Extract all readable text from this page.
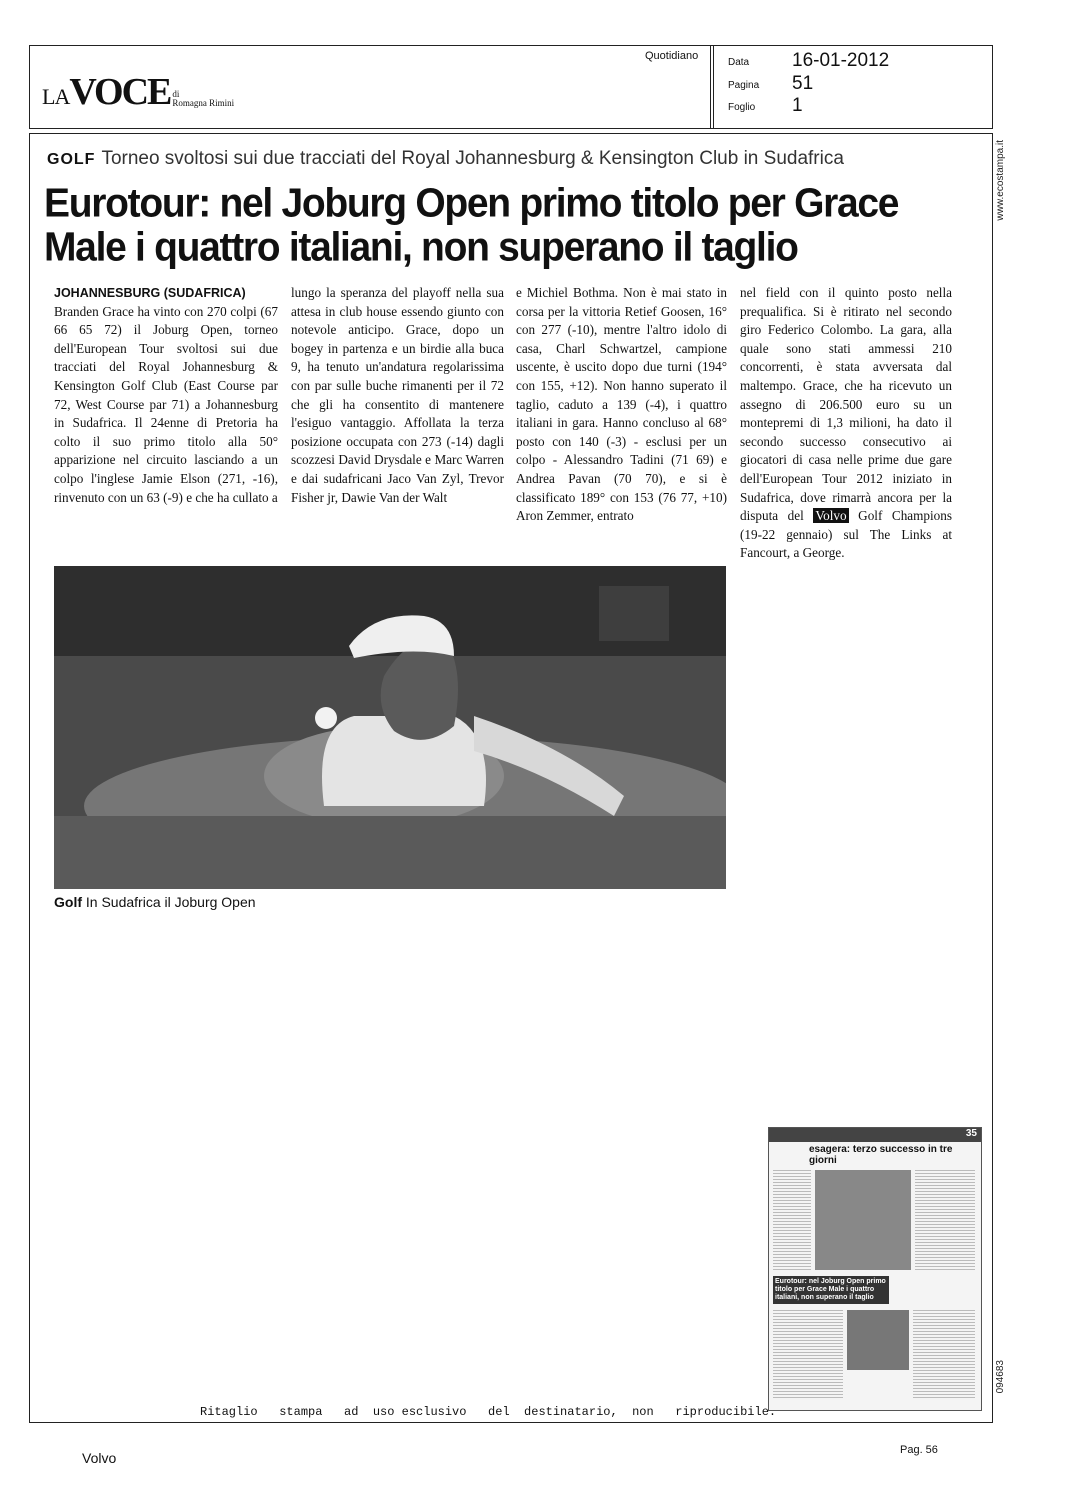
LAVOCE di
Romagna Rimini
Quotidiano
Data 16-01-2012
Pagina 51
Foglio 1
www.ecostampa.it
094683
GOLF Torneo svoltosi sui due tracciati del Royal Johannesburg & Kensington Club in Sudafrica
Eurotour: nel Joburg Open primo titolo per Grace
Male i quattro italiani, non superano il taglio
JOHANNESBURG (SUDAFRICA)
Branden Grace ha vinto con 270 colpi (67 66 65 72) il Joburg Open, torneo dell'European Tour svoltosi sui due tracciati del Royal Johannesburg & Kensington Golf Club (East Course par 72, West Course par 71) a Johannesburg in Sudafrica. Il 24enne di Pretoria ha colto il suo primo titolo alla 50° apparizione nel circuito lasciando a un colpo l'inglese Jamie Elson (271, -16), rinvenuto con un 63 (-9) e che ha cullato a
lungo la speranza del playoff nella sua attesa in club house essendo giunto con notevole anticipo. Grace, dopo un bogey in partenza e un birdie alla buca 9, ha tenuto un'andatura regolarissima con par sulle buche rimanenti per il 72 che gli ha consentito di mantenere l'esiguo vantaggio. Affollata la terza posizione occupata con 273 (-14) dagli scozzesi David Drysdale e Marc Warren e dai sudafricani Jaco Van Zyl, Trevor Fisher jr, Dawie Van der Walt
e Michiel Bothma. Non è mai stato in corsa per la vittoria Retief Goosen, 16° con 277 (-10), mentre l'altro idolo di casa, Charl Schwartzel, campione uscente, è uscito dopo due turni (194° con 155, +12). Non hanno superato il taglio, caduto a 139 (-4), i quattro italiani in gara. Hanno concluso al 68° posto con 140 (-3) - esclusi per un colpo - Alessandro Tadini (71 69) e Andrea Pavan (70 70), e si è classificato 189° con 153 (76 77, +10) Aron Zemmer, entrato
nel field con il quinto posto nella prequalifica. Si è ritirato nel secondo giro Federico Colombo. La gara, alla quale sono stati ammessi 210 concorrenti, è stata avversata dal maltempo. Grace, che ha ricevuto un assegno di 206.500 euro su un montepremi di 1,3 milioni, ha dato il secondo successo consecutivo ai giocatori di casa nelle prime due gare dell'European Tour 2012 iniziato in Sudafrica, dove rimarrà ancora per la disputa del Volvo Golf Champions (19-22 gennaio) sul The Links at Fancourt, a George.
Golf In Sudafrica il Joburg Open
35
esagera: terzo successo in tre giorni
Eurotour: nel Joburg Open primo titolo per Grace Male i quattro italiani, non superano il taglio
Ritaglio   stampa   ad  uso esclusivo   del  destinatario,  non   riproducibile.
Volvo	Pag. 56
